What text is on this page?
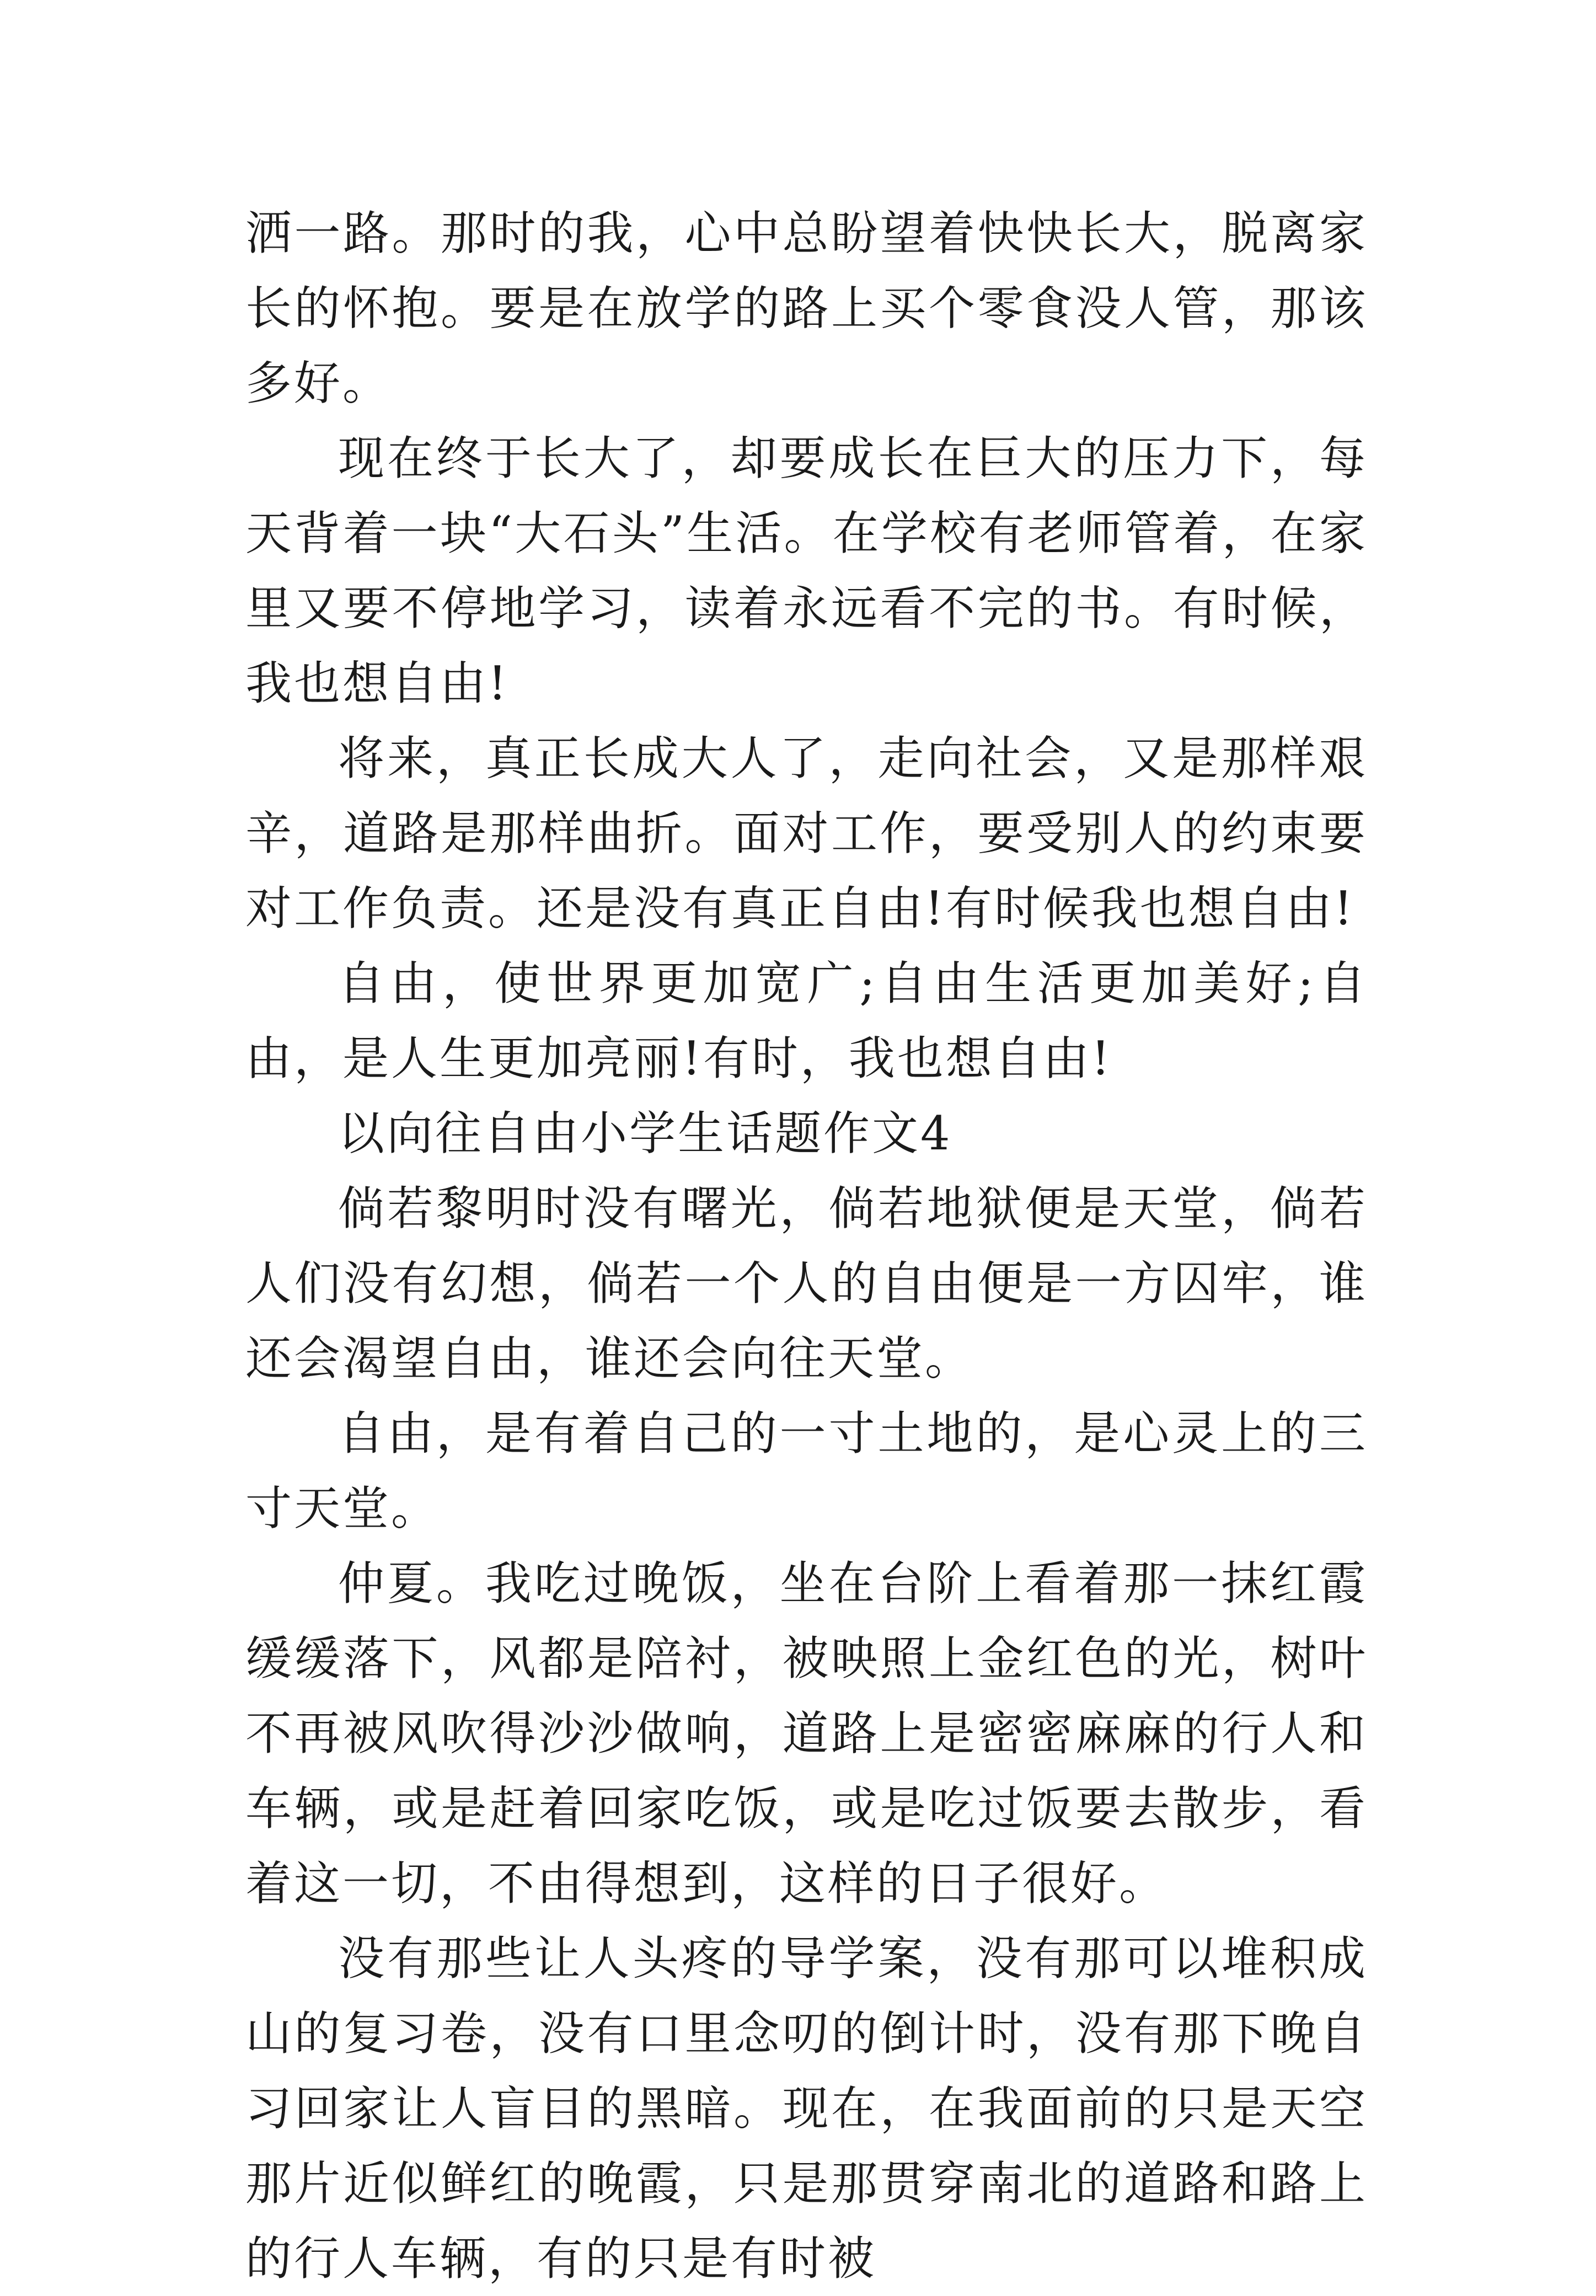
洒一路。那时的我，心中总盼望着快快长大，脱离家长的怀抱。要是在放学的路上买个零食没人管，那该多好。

现在终于长大了，却要成长在巨大的压力下，每天背着一块“大石头”生活。在学校有老师管着，在家里又要不停地学习，读着永远看不完的书。有时候，我也想自由!

将来，真正长成大人了，走向社会，又是那样艰辛，道路是那样曲折。面对工作，要受别人的约束要对工作负责。还是没有真正自由!有时候我也想自由!

自由，使世界更加宽广;自由生活更加美好;自由，是人生更加亮丽!有时，我也想自由!

以向往自由小学生话题作文4

倘若黎明时没有曙光，倘若地狱便是天堂，倘若人们没有幻想，倘若一个人的自由便是一方囚牢，谁还会渴望自由，谁还会向往天堂。

自由，是有着自己的一寸土地的，是心灵上的三寸天堂。

仲夏。我吃过晚饭，坐在台阶上看着那一抹红霞缓缓落下，风都是陪衬，被映照上金红色的光，树叶不再被风吹得沙沙做响，道路上是密密麻麻的行人和车辆，或是赶着回家吃饭，或是吃过饭要去散步，看着这一切，不由得想到，这样的日子很好。

没有那些让人头疼的导学案，没有那可以堆积成山的复习卷，没有口里念叨的倒计时，没有那下晚自习回家让人盲目的黑暗。现在，在我面前的只是天空那片近似鲜红的晚霞，只是那贯穿南北的道路和路上的行人车辆，有的只是有时被
